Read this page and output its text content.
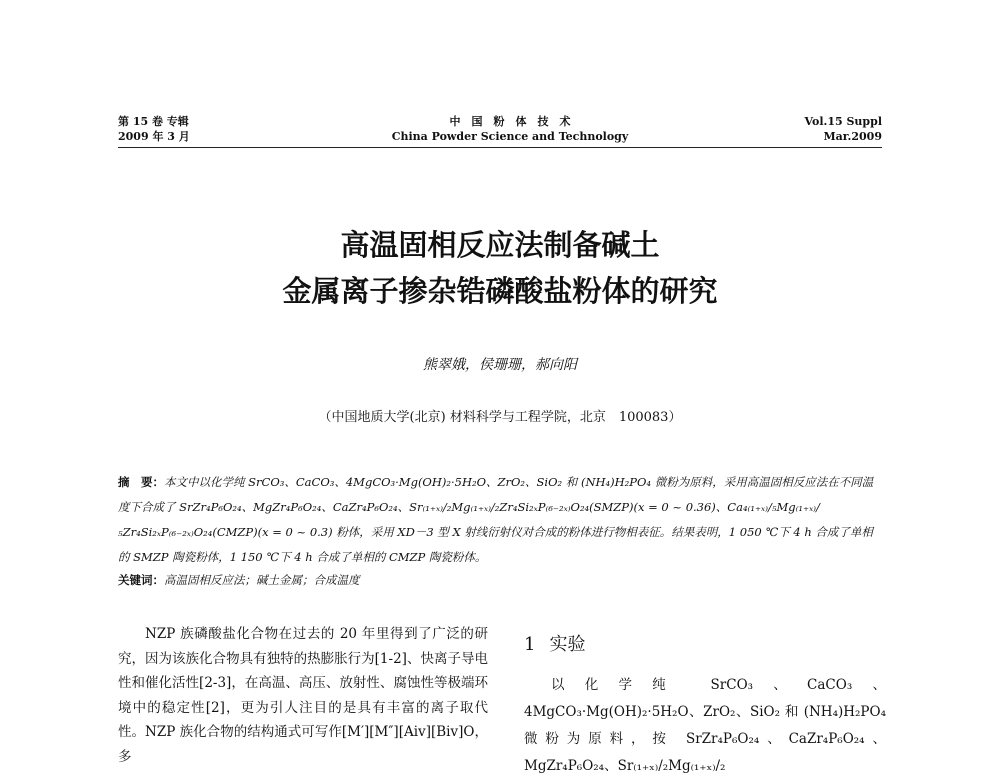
第 15 卷 专辑
2009 年 3 月
中　国　粉　体　技　术
China Powder Science and Technology
Vol.15 Suppl
Mar.2009
高温固相反应法制备碱土
金属离子掺杂锆磷酸盐粉体的研究
熊翠娥，侯珊珊，郝向阳
（中国地质大学(北京) 材料科学与工程学院，北京　100083）
摘　要：本文中以化学纯 SrCO₃、CaCO₃、4MgCO₃·Mg(OH)₂·5H₂O、ZrO₂、SiO₂ 和 (NH₄)H₂PO₄ 微粉为原料，采用高温固相反应法在不同温度下合成了 SrZr₄P₆O₂₄、MgZr₄P₆O₂₄、CaZr₄P₆O₂₄、Sr₍₁₊ₓ₎/₂Mg₍₁₊ₓ₎/₂Zr₄Si₂ₓP₍₆₋₂ₓ₎O₂₄(SMZP)(x = 0 ~ 0.36)、Ca₄₍₁₊ₓ₎/₅Mg₍₁₊ₓ₎/₅Zr₄Si₂ₓP₍₆₋₂ₓ₎O₂₄(CMZP)(x = 0 ~ 0.3) 粉体，采用 XD－3 型 X 射线衍射仪对合成的粉体进行物相表征。结果表明，1 050 ℃下 4 h 合成了单相的 SMZP 陶瓷粉体，1 150 ℃下 4 h 合成了单相的 CMZP 陶瓷粉体。
关键词：高温固相反应法；碱土金属；合成温度

NZP 族磷酸盐化合物在过去的 20 年里得到了广泛的研究，因为该族化合物具有独特的热膨胀行为[1-2]、快离子导电性和催化活性[2-3]，在高温、高压、放射性、腐蚀性等极端环境中的稳定性[2]，更为引人注目的是具有丰富的离子取代性。NZP 族化合物的结构通式可写作[M′][M″][Aⅳ][Bⅳ]O，多

1 实验

以化学纯 SrCO₃、CaCO₃、4MgCO₃·Mg(OH)₂·5H₂O、ZrO₂、SiO₂ 和 (NH₄)H₂PO₄ 微粉为原料，按 SrZr₄P₆O₂₄、CaZr₄P₆O₂₄、MgZr₄P₆O₂₄、Sr₍₁₊ₓ₎/₂Mg₍₁₊ₓ₎/₂
